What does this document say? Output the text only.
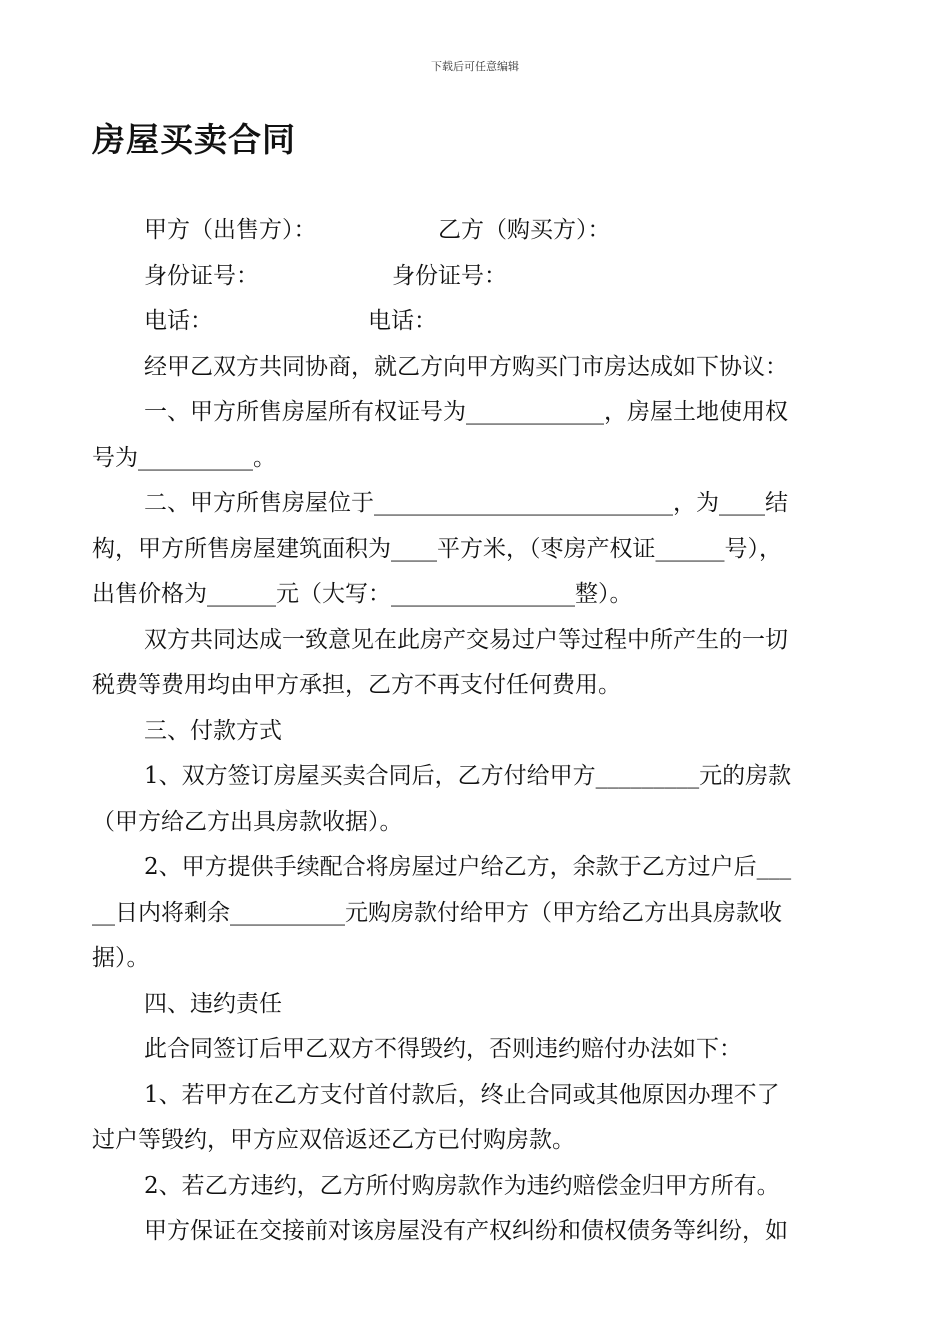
下载后可任意编辑
房屋买卖合同
甲方（出售方）：	乙方（购买方）：
身份证号：	身份证号：
电话：	电话：
经甲乙双方共同协商，就乙方向甲方购买门市房达成如下协议：
一、甲方所售房屋所有权证号为____________，房屋土地使用权
号为__________。
二、甲方所售房屋位于__________________________，为____结
构，甲方所售房屋建筑面积为____平方米，（枣房产权证______号），
出售价格为______元（大写：________________整）。
双方共同达成一致意见在此房产交易过户等过程中所产生的一切
税费等费用均由甲方承担，乙方不再支付任何费用。
三、付款方式
1、双方签订房屋买卖合同后，乙方付给甲方_________元的房款
（甲方给乙方出具房款收据）。
2、甲方提供手续配合将房屋过户给乙方，余款于乙方过户后___
__日内将剩余__________元购房款付给甲方（甲方给乙方出具房款收
据）。
四、违约责任
此合同签订后甲乙双方不得毁约，否则违约赔付办法如下：
1、若甲方在乙方支付首付款后，终止合同或其他原因办理不了
过户等毁约，甲方应双倍返还乙方已付购房款。
2、若乙方违约，乙方所付购房款作为违约赔偿金归甲方所有。
甲方保证在交接前对该房屋没有产权纠纷和债权债务等纠纷，如
